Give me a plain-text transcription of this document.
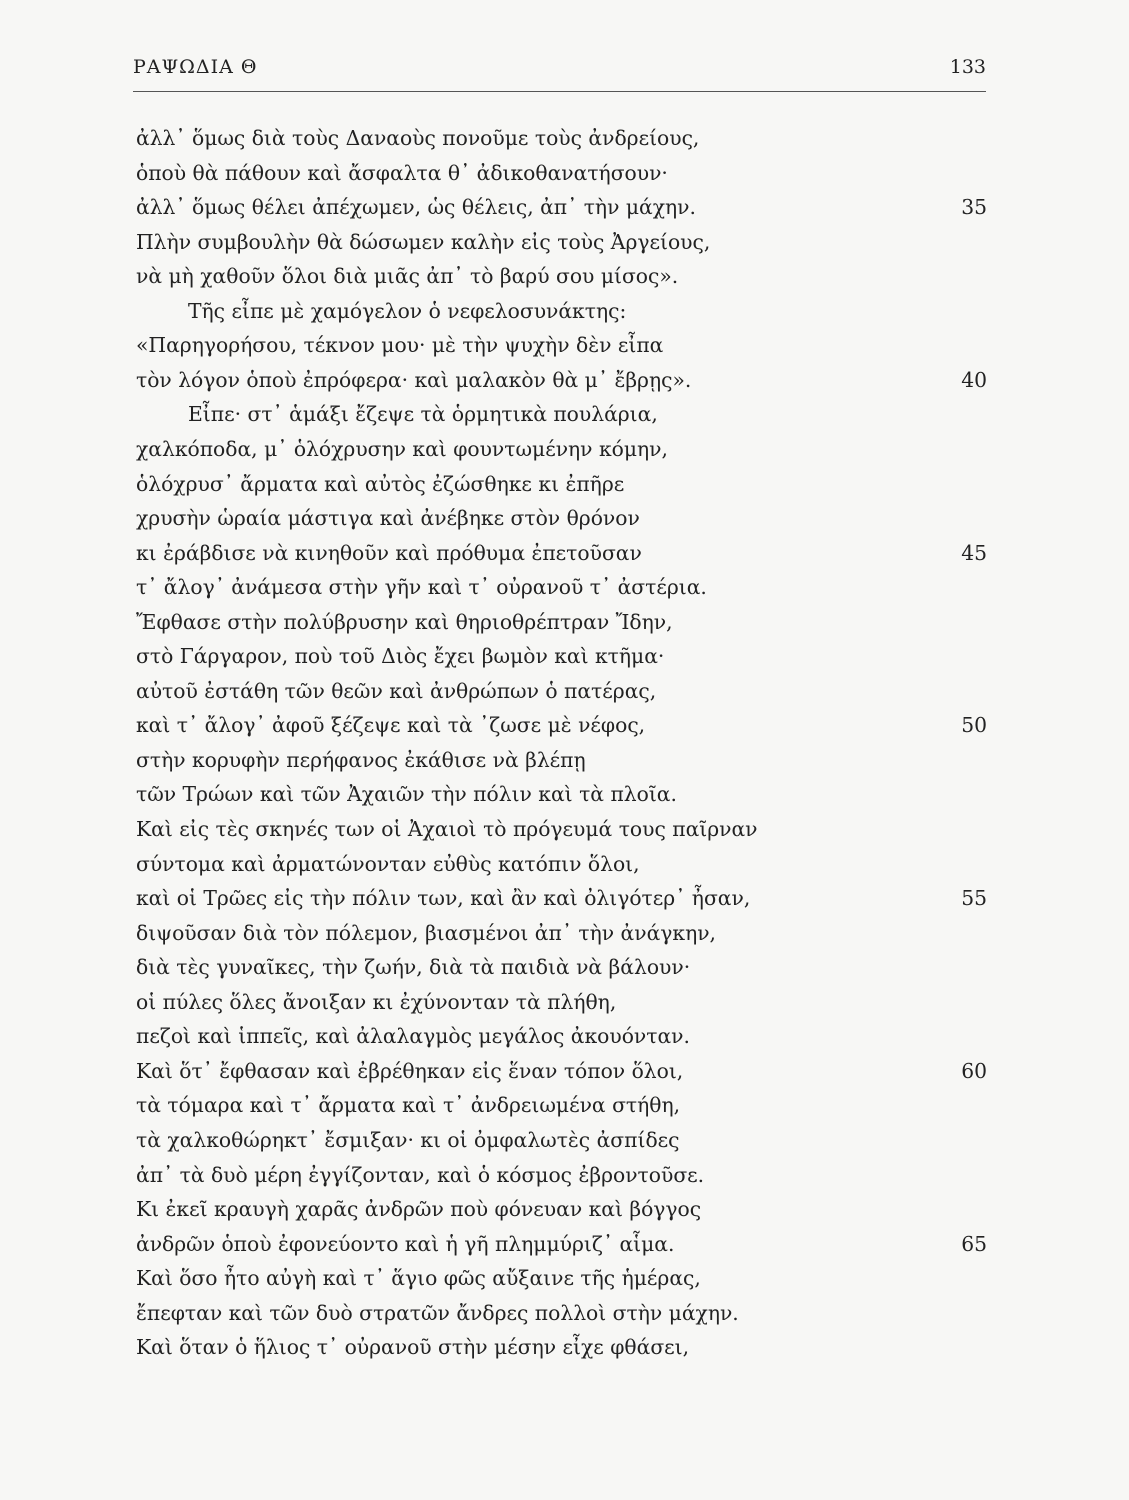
ΡΑΨΩΔΙΑ Θ	133
ἀλλ᾽ ὅμως διὰ τοὺς Δαναοὺς πονοῦμε τοὺς ἀνδρείους,
ὁποὺ θὰ πάθουν καὶ ἄσφαλτα θ᾽ ἀδικοθανατήσουν·
ἀλλ᾽ ὅμως θέλει ἀπέχωμεν, ὡς θέλεις, ἀπ᾽ τὴν μάχην.	35
Πλὴν συμβουλὴν θὰ δώσωμεν καλὴν εἰς τοὺς Ἀργείους,
νὰ μὴ χαθοῦν ὅλοι διὰ μιᾶς ἀπ᾽ τὸ βαρύ σου μίσος».
Τῆς εἶπε μὲ χαμόγελον ὁ νεφελοσυνάκτης:
«Παρηγορήσου, τέκνον μου· μὲ τὴν ψυχὴν δὲν εἶπα
τὸν λόγον ὁποὺ ἐπρόφερα· καὶ μαλακὸν θὰ μ᾽ ἔβρῃς».	40
Εἶπε· στ᾽ ἁμάξι ἔζεψε τὰ ὁρμητικὰ πουλάρια,
χαλκόποδα, μ᾽ ὁλόχρυσην καὶ φουντωμένην κόμην,
ὁλόχρυσ᾽ ἄρματα καὶ αὐτὸς ἐζώσθηκε κι ἐπῆρε
χρυσὴν ὡραία μάστιγα καὶ ἀνέβηκε στὸν θρόνον
κι ἐράβδισε νὰ κινηθοῦν καὶ πρόθυμα ἐπετοῦσαν	45
τ᾽ ἄλογ᾽ ἀνάμεσα στὴν γῆν καὶ τ᾽ οὐρανοῦ τ᾽ ἀστέρια.
Ἔφθασε στὴν πολύβρυσην καὶ θηριοθρέπτραν Ἴδην,
στὸ Γάργαρον, ποὺ τοῦ Διὸς ἔχει βωμὸν καὶ κτῆμα·
αὐτοῦ ἐστάθη τῶν θεῶν καὶ ἀνθρώπων ὁ πατέρας,
καὶ τ᾽ ἄλογ᾽ ἀφοῦ ξέζεψε καὶ τὰ ᾽ζωσε μὲ νέφος,	50
στὴν κορυφὴν περήφανος ἐκάθισε νὰ βλέπῃ
τῶν Τρώων καὶ τῶν Ἀχαιῶν τὴν πόλιν καὶ τὰ πλοῖα.
Καὶ εἰς τὲς σκηνές των οἱ Ἀχαιοὶ τὸ πρόγευμά τους παῖρναν
σύντομα καὶ ἀρματώνονταν εὐθὺς κατόπιν ὅλοι,
καὶ οἱ Τρῶες εἰς τὴν πόλιν των, καὶ ἂν καὶ ὀλιγότερ᾽ ἦσαν,	55
διψοῦσαν διὰ τὸν πόλεμον, βιασμένοι ἀπ᾽ τὴν ἀνάγκην,
διὰ τὲς γυναῖκες, τὴν ζωήν, διὰ τὰ παιδιὰ νὰ βάλουν·
οἱ πύλες ὅλες ἄνοιξαν κι ἐχύνονταν τὰ πλήθη,
πεζοὶ καὶ ἱππεῖς, καὶ ἀλαλαγμὸς μεγάλος ἀκουόνταν.
Καὶ ὅτ᾽ ἔφθασαν καὶ ἐβρέθηκαν εἰς ἕναν τόπον ὅλοι,	60
τὰ τόμαρα καὶ τ᾽ ἄρματα καὶ τ᾽ ἀνδρειωμένα στήθη,
τὰ χαλκοθώρηκτ᾽ ἔσμιξαν· κι οἱ ὀμφαλωτὲς ἀσπίδες
ἀπ᾽ τὰ δυὸ μέρη ἐγγίζονταν, καὶ ὁ κόσμος ἐβροντοῦσε.
Κι ἐκεῖ κραυγὴ χαρᾶς ἀνδρῶν ποὺ φόνευαν καὶ βόγγος
ἀνδρῶν ὁποὺ ἐφονεύοντο καὶ ἡ γῆ πλημμύριζ᾽ αἷμα.	65
Καὶ ὅσο ἦτο αὐγὴ καὶ τ᾽ ἅγιο φῶς αὔξαινε τῆς ἡμέρας,
ἔπεφταν καὶ τῶν δυὸ στρατῶν ἄνδρες πολλοὶ στὴν μάχην.
Καὶ ὅταν ὁ ἥλιος τ᾽ οὐρανοῦ στὴν μέσην εἶχε φθάσει,
